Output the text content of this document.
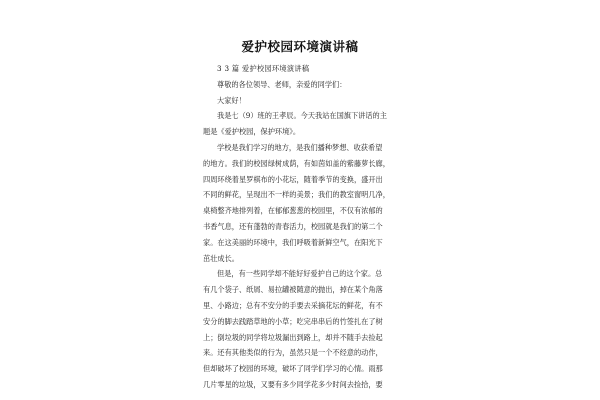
爱护校园环境演讲稿
3 3 篇 爱护校园环境演讲稿
尊敬的各位领导、老师，亲爱的同学们：
大家好！
我是七（9）班的王孝辰。今天我站在国旗下讲话的主
题是《爱护校园，保护环境》。
学校是我们学习的地方，是我们播种梦想、收获希望
的地方。我们的校园绿树成荫，有如茵如盖的紫藤萝长廊，
四周环绕着星罗棋布的小花坛，随着季节的变换，盛开出
不同的鲜花，呈现出不一样的美景；我们的教室窗明几净，
桌椅整齐地排列着，在郁郁葱葱的校园里，不仅有浓郁的
书香气息，还有蓬勃的青春活力，校园就是我们的第二个
家。在这美丽的环境中，我们呼吸着新鲜空气，在阳光下
茁壮成长。
但是，有一些同学却不能好好爱护自己的这个家。总
有几个袋子、纸屑、易拉罐被随意的抛出，掉在某个角落
里、小路边；总有不安分的手要去采摘花坛的鲜花，有不
安分的脚去践踏草地的小草；吃完串串后的竹签扎在了树
上；倒垃圾的同学将垃圾漏出到路上，却并不随手去捡起
来。还有其他类似的行为，虽然只是一个不经意的动作，
但却破坏了校园的环境，破坏了同学们学习的心情。雨那
几片零星的垃圾，又要有多少同学花多少时间去捡拾，要
